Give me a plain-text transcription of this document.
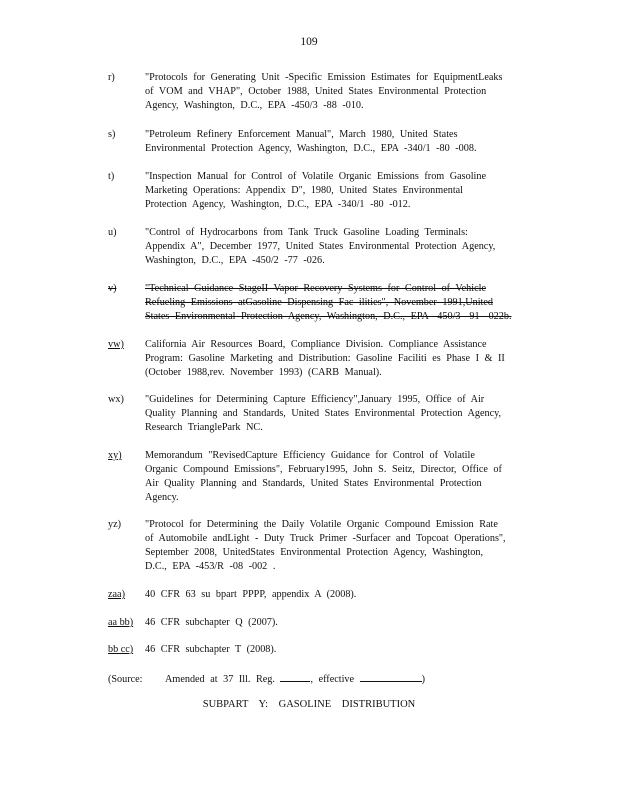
109
r)	"Protocols for Generating Unit -Specific Emission Estimates for EquipmentLeaks
of VOM and VHAP", October 1988, United States Environmental Protection
Agency, Washington, D.C., EPA -450/3 -88 -010.
s)	"Petroleum Refinery Enforcement Manual", March 1980, United States
Environmental Protection Agency, Washington, D.C., EPA -340/1 -80 -008.
t)	"Inspection Manual for Control of Volatile Organic Emissions from Gasoline
Marketing Operations: Appendix D", 1980, United States Environmental
Protection Agency, Washington, D.C., EPA -340/1 -80 -012.
u)	"Control of Hydrocarbons from Tank Truck Gasoline Loading Terminals:
Appendix A", December 1977, United States Environmental Protection Agency,
Washington, D.C., EPA -450/2 -77 -026.
v)	"Technical Guidance StageII Vapor Recovery Systems for Control of Vehicle
Refueling Emissions atGasoline Dispensing Fac ilities", November 1991,United
States Environmental Protection Agency, Washington, D.C., EPA -450/3 -91 -022b.
vw)	California Air Resources Board, Compliance Division. Compliance Assistance
Program: Gasoline Marketing and Distribution: Gasoline Faciliti es Phase I & II
(October 1988,rev. November 1993) (CARB Manual).
wx)	"Guidelines for Determining Capture Efficiency",January 1995, Office of Air
Quality Planning and Standards, United States Environmental Protection Agency,
Research TrianglePark NC.
xy)	Memorandum "RevisedCapture Efficiency Guidance for Control of Volatile
Organic Compound Emissions", February1995, John S. Seitz, Director, Office of
Air Quality Planning and Standards, United States Environmental Protection
Agency.
yz)	"Protocol for Determining the Daily Volatile Organic Compound Emission Rate
of Automobile andLight - Duty Truck Primer -Surfacer and Topcoat Operations",
September 2008, UnitedStates Environmental Protection Agency, Washington,
D.C., EPA -453/R -08 -002 .
zaa)	40 CFR 63 su bpart PPPP, appendix A (2008).
aa bb)	46 CFR subchapter Q (2007).
bb cc)	46 CFR subchapter T (2008).
(Source: Amended at 37 Ill. Reg.	, effective	)
SUBPART Y: GASOLINE DISTRIBUTION
